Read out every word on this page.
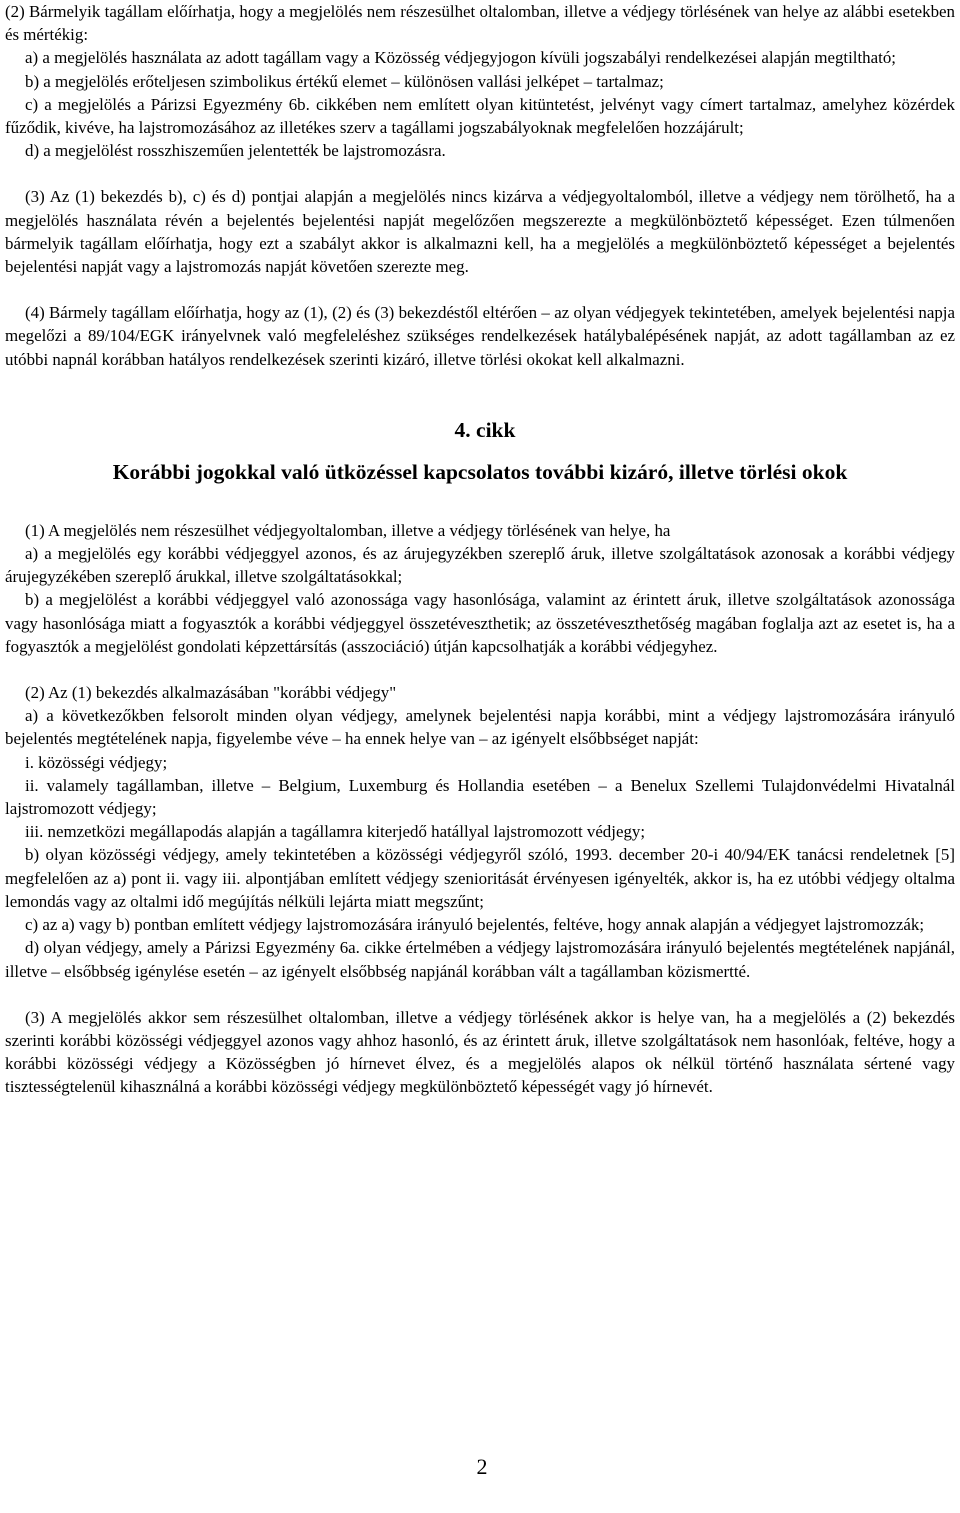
(2) Bármelyik tagállam előírhatja, hogy a megjelölés nem részesülhet oltalomban, illetve a védjegy törlésének van helye az alábbi esetekben és mértékig:

a) a megjelölés használata az adott tagállam vagy a Közösség védjegyjogon kívüli jogszabályi rendelkezései alapján megtiltható;

b) a megjelölés erőteljesen szimbolikus értékű elemet – különösen vallási jelképet – tartalmaz;

c) a megjelölés a Párizsi Egyezmény 6b. cikkében nem említett olyan kitüntetést, jelvényt vagy címert tartalmaz, amelyhez közérdek fűződik, kivéve, ha lajstromozásához az illetékes szerv a tagállami jogszabályoknak megfelelően hozzájárult;

d) a megjelölést rosszhiszeműen jelentették be lajstromozásra.

(3) Az (1) bekezdés b), c) és d) pontjai alapján a megjelölés nincs kizárva a védjegyoltalomból, illetve a védjegy nem törölhető, ha a megjelölés használata révén a bejelentés bejelentési napját megelőzően megszerezte a megkülönböztető képességet. Ezen túlmenően bármelyik tagállam előírhatja, hogy ezt a szabályt akkor is alkalmazni kell, ha a megjelölés a megkülönböztető képességet a bejelentés bejelentési napját vagy a lajstromozás napját követően szerezte meg.

(4) Bármely tagállam előírhatja, hogy az (1), (2) és (3) bekezdéstől eltérően – az olyan védjegyek tekintetében, amelyek bejelentési napja megelőzi a 89/104/EGK irányelvnek való megfeleléshez szükséges rendelkezések hatálybalépésének napját, az adott tagállamban az ez utóbbi napnál korábban hatályos rendelkezések szerinti kizáró, illetve törlési okokat kell alkalmazni.

4. cikk
Korábbi jogokkal való ütközéssel kapcsolatos további kizáró, illetve törlési okok

(1) A megjelölés nem részesülhet védjegyoltalomban, illetve a védjegy törlésének van helye, ha

a) a megjelölés egy korábbi védjeggyel azonos, és az árujegyzékben szereplő áruk, illetve szolgáltatások azonosak a korábbi védjegy árujegyzékében szereplő árukkal, illetve szolgáltatásokkal;

b) a megjelölést a korábbi védjeggyel való azonossága vagy hasonlósága, valamint az érintett áruk, illetve szolgáltatások azonossága vagy hasonlósága miatt a fogyasztók a korábbi védjeggyel összetéveszthetik; az összetéveszthetőség magában foglalja azt az esetet is, ha a fogyasztók a megjelölést gondolati képzettársítás (asszociáció) útján kapcsolhatják a korábbi védjegyhez.

(2) Az (1) bekezdés alkalmazásában "korábbi védjegy"

a) a következőkben felsorolt minden olyan védjegy, amelynek bejelentési napja korábbi, mint a védjegy lajstromozására irányuló bejelentés megtételének napja, figyelembe véve – ha ennek helye van – az igényelt elsőbbséget napját:

i. közösségi védjegy;

ii. valamely tagállamban, illetve – Belgium, Luxemburg és Hollandia esetében – a Benelux Szellemi Tulajdonvédelmi Hivatalnál lajstromozott védjegy;

iii. nemzetközi megállapodás alapján a tagállamra kiterjedő hatállyal lajstromozott védjegy;

b) olyan közösségi védjegy, amely tekintetében a közösségi védjegyről szóló, 1993. december 20-i 40/94/EK tanácsi rendeletnek [5] megfelelően az a) pont ii. vagy iii. alpontjában említett védjegy szenioritását érvényesen igényelték, akkor is, ha ez utóbbi védjegy oltalma lemondás vagy az oltalmi idő megújítás nélküli lejárta miatt megszűnt;

c) az a) vagy b) pontban említett védjegy lajstromozására irányuló bejelentés, feltéve, hogy annak alapján a védjegyet lajstromozzák;

d) olyan védjegy, amely a Párizsi Egyezmény 6a. cikke értelmében a védjegy lajstromozására irányuló bejelentés megtételének napjánál, illetve – elsőbbség igénylése esetén – az igényelt elsőbbség napjánál korábban vált a tagállamban közismertté.

(3) A megjelölés akkor sem részesülhet oltalomban, illetve a védjegy törlésének akkor is helye van, ha a megjelölés a (2) bekezdés szerinti korábbi közösségi védjeggyel azonos vagy ahhoz hasonló, és az érintett áruk, illetve szolgáltatások nem hasonlóak, feltéve, hogy a korábbi közösségi védjegy a Közösségben jó hírnevet élvez, és a megjelölés alapos ok nélkül történő használata sértené vagy tisztességtelenül kihasználná a korábbi közösségi védjegy megkülönböztető képességét vagy jó hírnevét.

2
